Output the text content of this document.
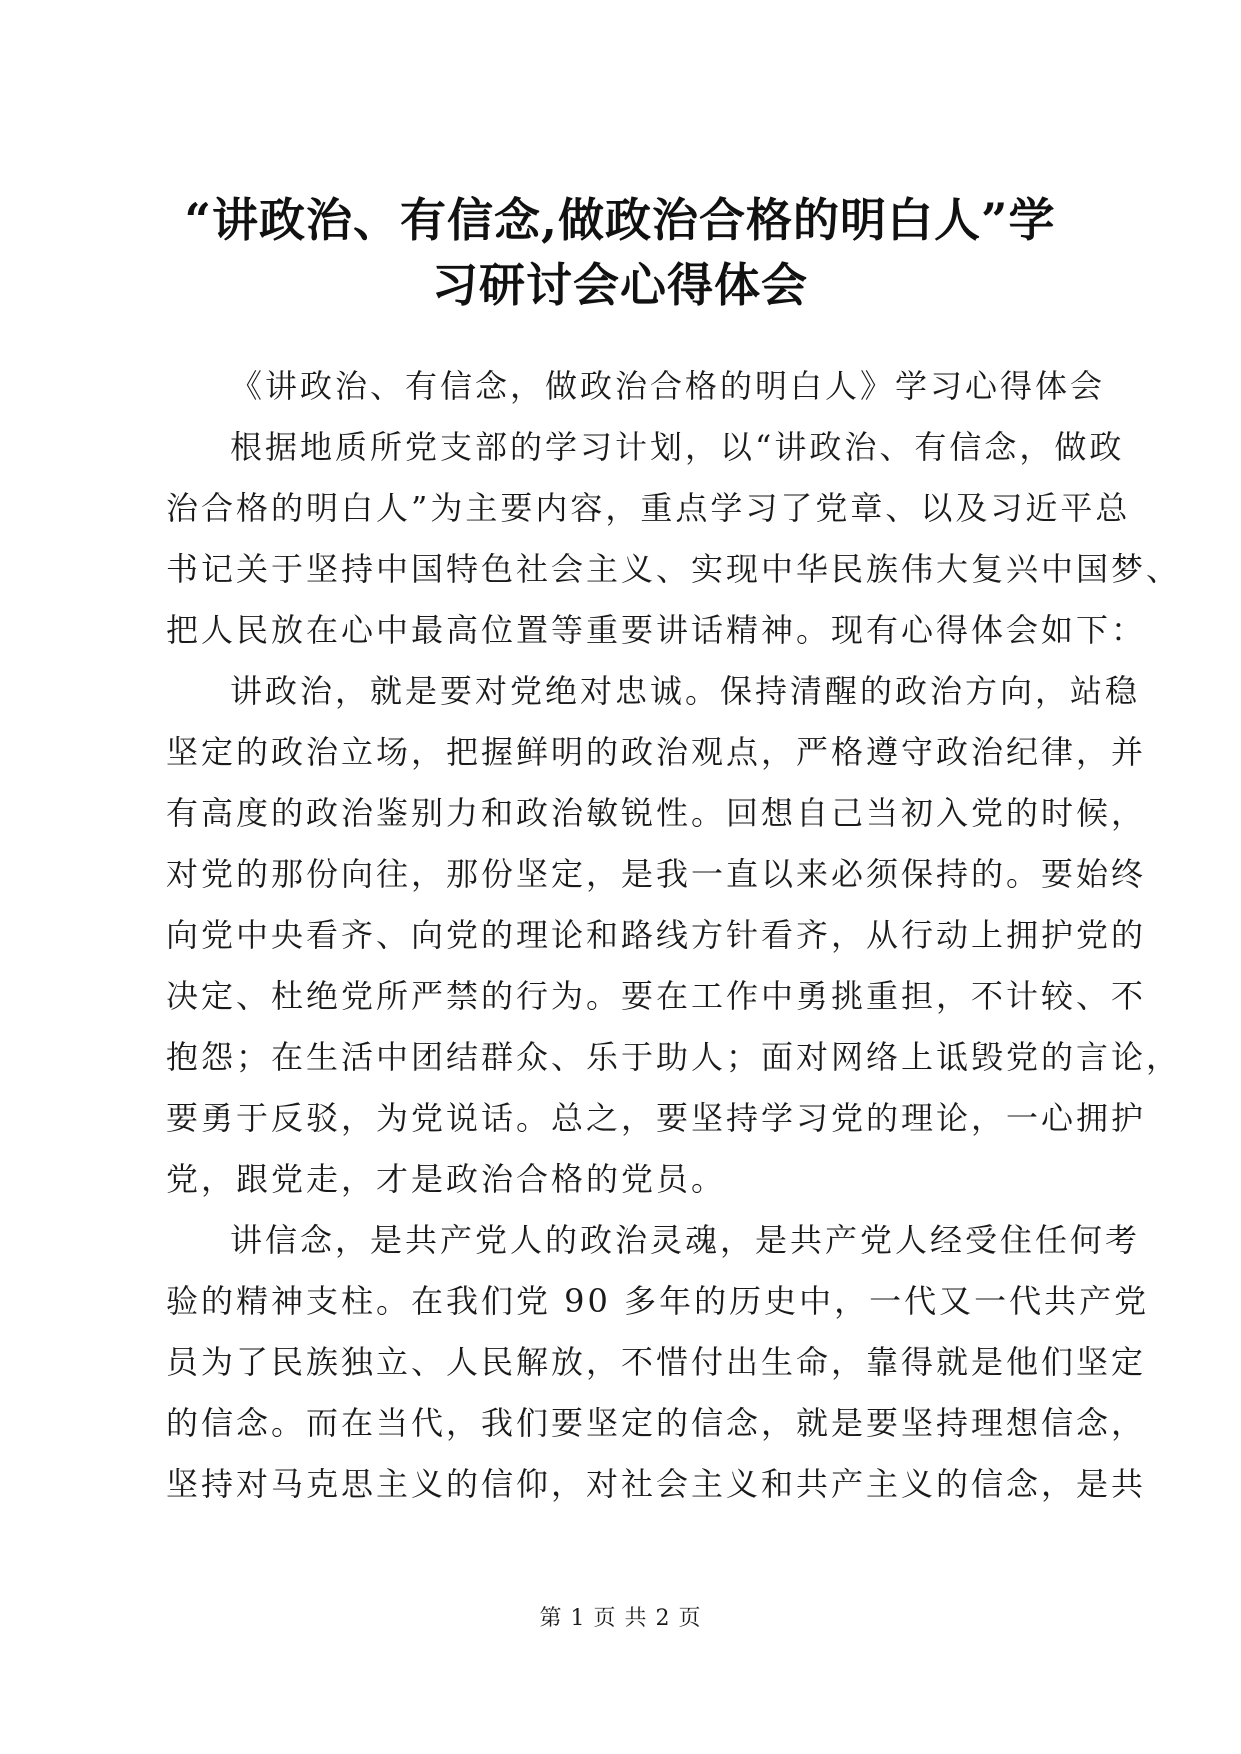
“讲政治、有信念,做政治合格的明白人”学
习研讨会心得体会
《讲政治、有信念，做政治合格的明白人》学习心得体会
根据地质所党支部的学习计划，以“讲政治、有信念，做政
治合格的明白人”为主要内容，重点学习了党章、以及习近平总
书记关于坚持中国特色社会主义、实现中华民族伟大复兴中国梦、
把人民放在心中最高位置等重要讲话精神。现有心得体会如下：
讲政治，就是要对党绝对忠诚。保持清醒的政治方向，站稳
坚定的政治立场，把握鲜明的政治观点，严格遵守政治纪律，并
有高度的政治鉴别力和政治敏锐性。回想自己当初入党的时候，
对党的那份向往，那份坚定，是我一直以来必须保持的。要始终
向党中央看齐、向党的理论和路线方针看齐，从行动上拥护党的
决定、杜绝党所严禁的行为。要在工作中勇挑重担，不计较、不
抱怨；在生活中团结群众、乐于助人；面对网络上诋毁党的言论，
要勇于反驳，为党说话。总之，要坚持学习党的理论，一心拥护
党，跟党走，才是政治合格的党员。
讲信念，是共产党人的政治灵魂，是共产党人经受住任何考
验的精神支柱。在我们党 90 多年的历史中，一代又一代共产党
员为了民族独立、人民解放，不惜付出生命，靠得就是他们坚定
的信念。而在当代，我们要坚定的信念，就是要坚持理想信念，
坚持对马克思主义的信仰，对社会主义和共产主义的信念，是共
第 1 页 共 2 页
